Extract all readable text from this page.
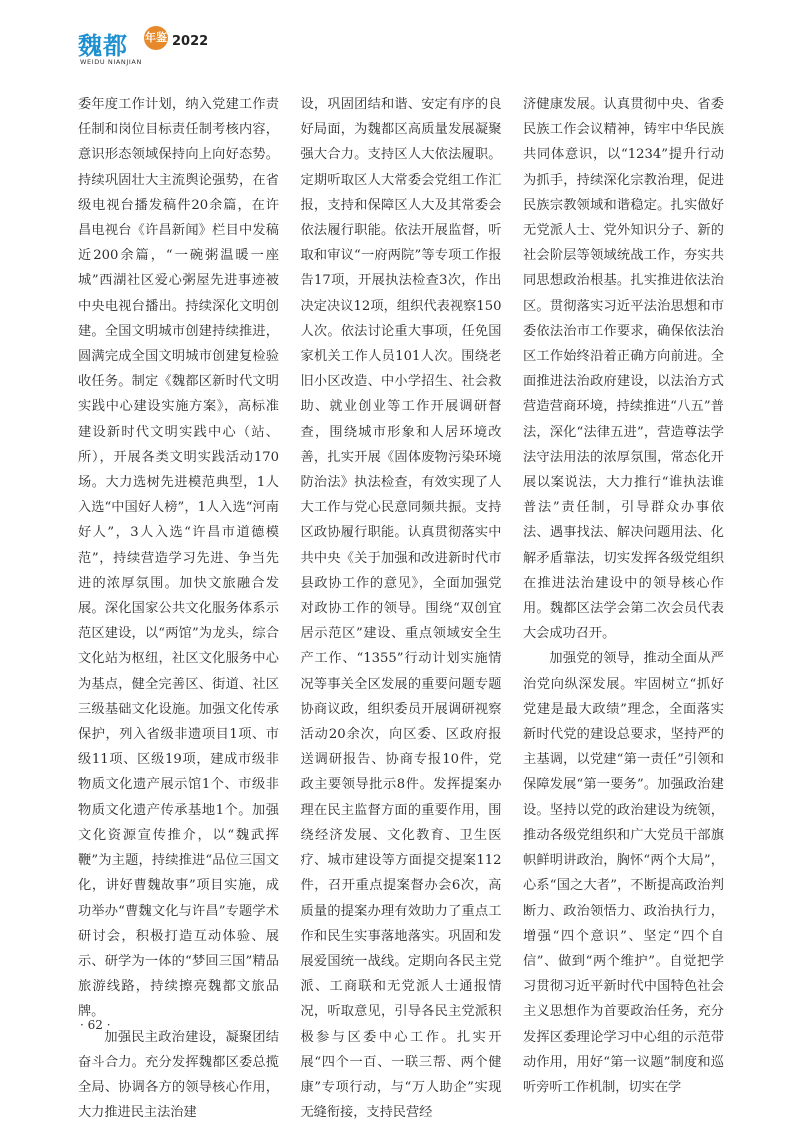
魏都 年鉴 2022
WEIDU NIANJIAN

委年度工作计划，纳入党建工作责任制和岗位目标责任制考核内容，意识形态领域保持向上向好态势。持续巩固壮大主流舆论强势，在省级电视台播发稿件20余篇，在许昌电视台《许昌新闻》栏目中发稿近200余篇，“一碗粥温暖一座城”西湖社区爱心粥屋先进事迹被中央电视台播出。持续深化文明创建。全国文明城市创建持续推进，圆满完成全国文明城市创建复检验收任务。制定《魏都区新时代文明实践中心建设实施方案》，高标准建设新时代文明实践中心（站、所），开展各类文明实践活动170场。大力选树先进模范典型，1人入选“中国好人榜”，1人入选“河南好人”，3人入选“许昌市道德模范”，持续营造学习先进、争当先进的浓厚氛围。加快文旅融合发展。深化国家公共文化服务体系示范区建设，以“两馆”为龙头，综合文化站为枢纽，社区文化服务中心为基点，健全完善区、街道、社区三级基础文化设施。加强文化传承保护，列入省级非遗项目1项、市级11项、区级19项，建成市级非物质文化遗产展示馆1个、市级非物质文化遗产传承基地1个。加强文化资源宣传推介，以“魏武挥鞭”为主题，持续推进“品位三国文化，讲好曹魏故事”项目实施，成功举办“曹魏文化与许昌”专题学术研讨会，积极打造互动体验、展示、研学为一体的“梦回三国”精品旅游线路，持续擦亮魏都文旅品牌。

加强民主政治建设，凝聚团结奋斗合力。充分发挥魏都区委总揽全局、协调各方的领导核心作用，大力推进民主法治建

设，巩固团结和谐、安定有序的良好局面，为魏都区高质量发展凝聚强大合力。支持区人大依法履职。定期听取区人大常委会党组工作汇报，支持和保障区人大及其常委会依法履行职能。依法开展监督，听取和审议“一府两院”等专项工作报告17项，开展执法检查3次，作出决定决议12项，组织代表视察150人次。依法讨论重大事项，任免国家机关工作人员101人次。围绕老旧小区改造、中小学招生、社会救助、就业创业等工作开展调研督查，围绕城市形象和人居环境改善，扎实开展《固体废物污染环境防治法》执法检查，有效实现了人大工作与党心民意同频共振。支持区政协履行职能。认真贯彻落实中共中央《关于加强和改进新时代市县政协工作的意见》，全面加强党对政协工作的领导。围绕“双创宜居示范区”建设、重点领域安全生产工作、“1355”行动计划实施情况等事关全区发展的重要问题专题协商议政，组织委员开展调研视察活动20余次，向区委、区政府报送调研报告、协商专报10件，党政主要领导批示8件。发挥提案办理在民主监督方面的重要作用，围绕经济发展、文化教育、卫生医疗、城市建设等方面提交提案112件，召开重点提案督办会6次，高质量的提案办理有效助力了重点工作和民生实事落地落实。巩固和发展爱国统一战线。定期向各民主党派、工商联和无党派人士通报情况，听取意见，引导各民主党派积极参与区委中心工作。扎实开展“四个一百、一联三帮、两个健康”专项行动，与“万人助企”实现无缝衔接，支持民营经

济健康发展。认真贯彻中央、省委民族工作会议精神，铸牢中华民族共同体意识，以“1234”提升行动为抓手，持续深化宗教治理，促进民族宗教领域和谐稳定。扎实做好无党派人士、党外知识分子、新的社会阶层等领域统战工作，夯实共同思想政治根基。扎实推进依法治区。贯彻落实习近平法治思想和市委依法治市工作要求，确保依法治区工作始终沿着正确方向前进。全面推进法治政府建设，以法治方式营造营商环境，持续推进“八五”普法，深化“法律五进”，营造尊法学法守法用法的浓厚氛围，常态化开展以案说法，大力推行“谁执法谁普法”责任制，引导群众办事依法、遇事找法、解决问题用法、化解矛盾靠法，切实发挥各级党组织在推进法治建设中的领导核心作用。魏都区法学会第二次会员代表大会成功召开。

加强党的领导，推动全面从严治党向纵深发展。牢固树立“抓好党建是最大政绩”理念，全面落实新时代党的建设总要求，坚持严的主基调，以党建“第一责任”引领和保障发展“第一要务”。加强政治建设。坚持以党的政治建设为统领，推动各级党组织和广大党员干部旗帜鲜明讲政治，胸怀“两个大局”，心系“国之大者”，不断提高政治判断力、政治领悟力、政治执行力，增强“四个意识”、坚定“四个自信”、做到“两个维护”。自觉把学习贯彻习近平新时代中国特色社会主义思想作为首要政治任务，充分发挥区委理论学习中心组的示范带动作用，用好“第一议题”制度和巡听旁听工作机制，切实在学

· 62 ·
